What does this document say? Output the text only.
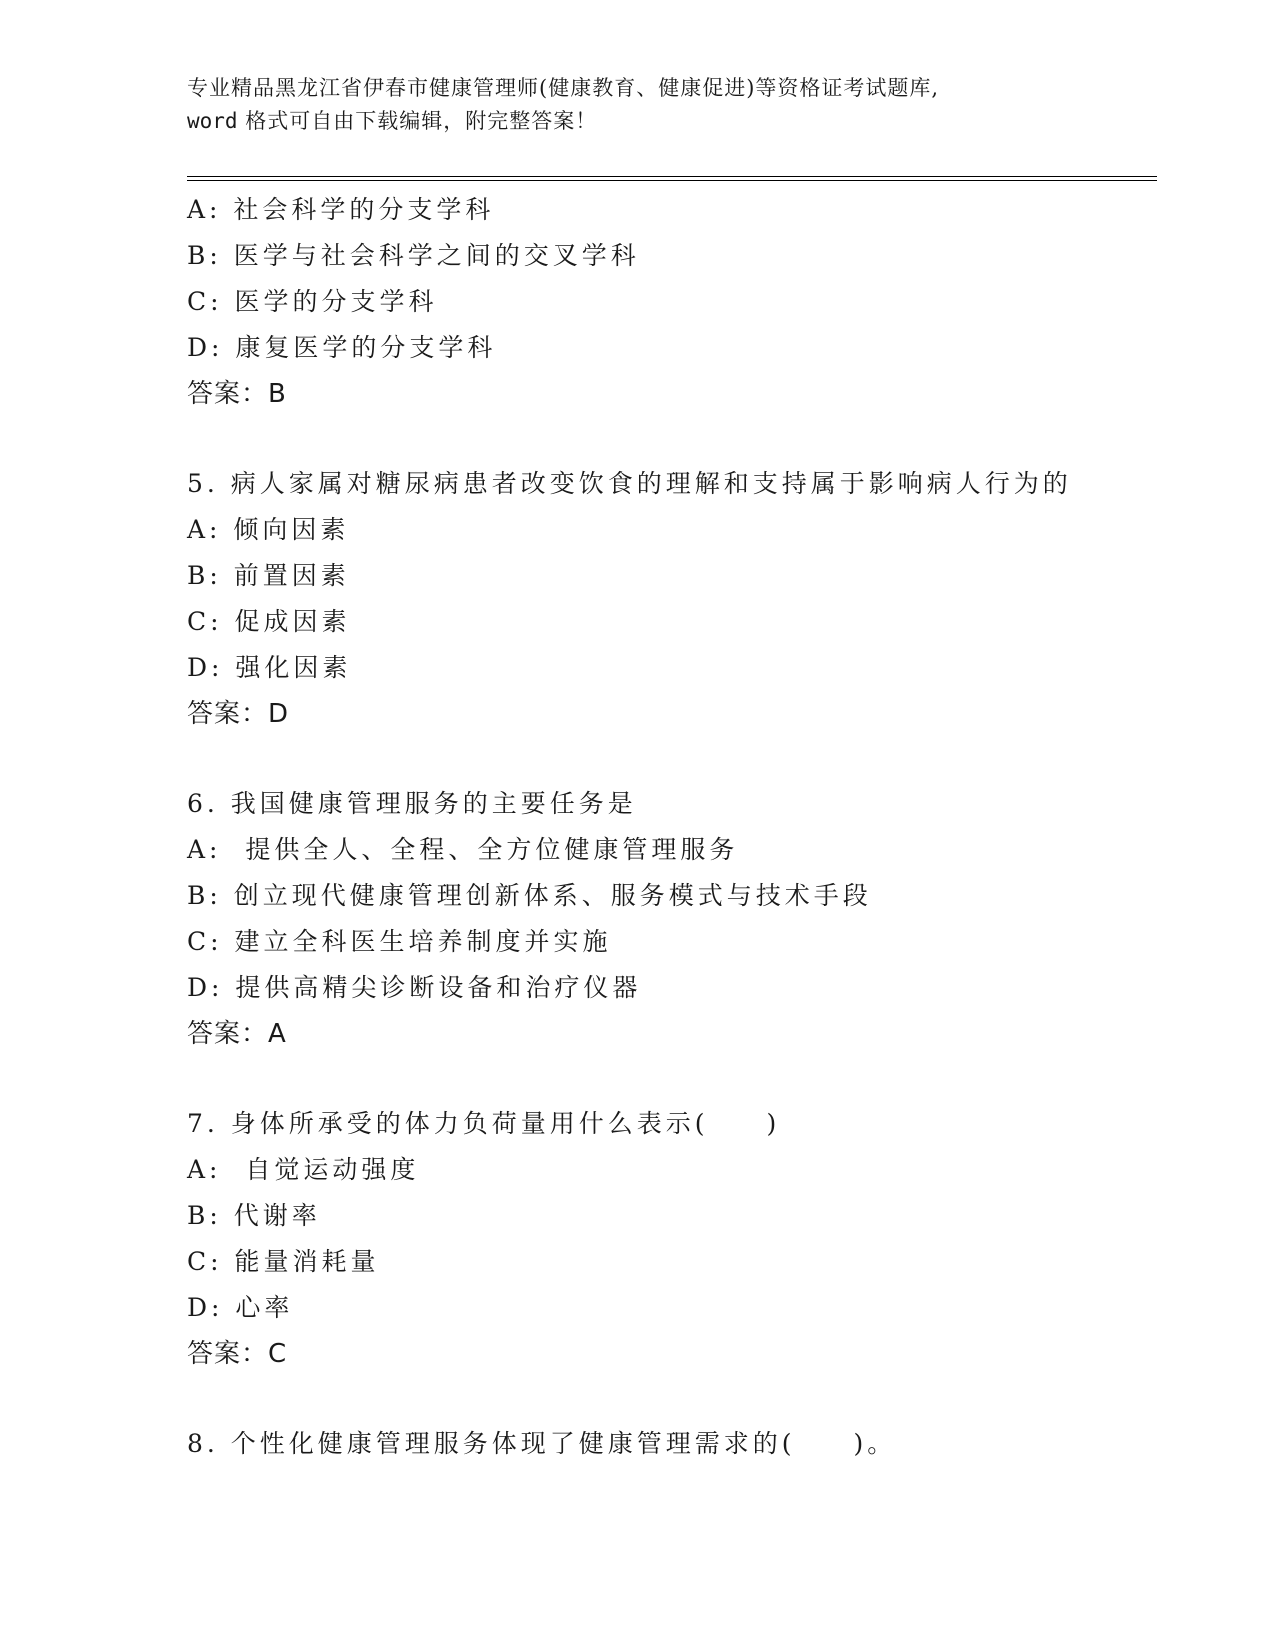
专业精品黑龙江省伊春市健康管理师(健康教育、健康促进)等资格证考试题库,
word 格式可自由下载编辑，附完整答案！
A: 社会科学的分支学科
B: 医学与社会科学之间的交叉学科
C: 医学的分支学科
D: 康复医学的分支学科
答案：B
5. 病人家属对糖尿病患者改变饮食的理解和支持属于影响病人行为的
A: 倾向因素
B: 前置因素
C: 促成因素
D: 强化因素
答案：D
6. 我国健康管理服务的主要任务是
A:  提供全人、全程、全方位健康管理服务
B: 创立现代健康管理创新体系、服务模式与技术手段
C: 建立全科医生培养制度并实施
D: 提供高精尖诊断设备和治疗仪器
答案：A
7. 身体所承受的体力负荷量用什么表示(　　)
A:  自觉运动强度
B: 代谢率
C: 能量消耗量
D: 心率
答案：C
8. 个性化健康管理服务体现了健康管理需求的(　　)。
